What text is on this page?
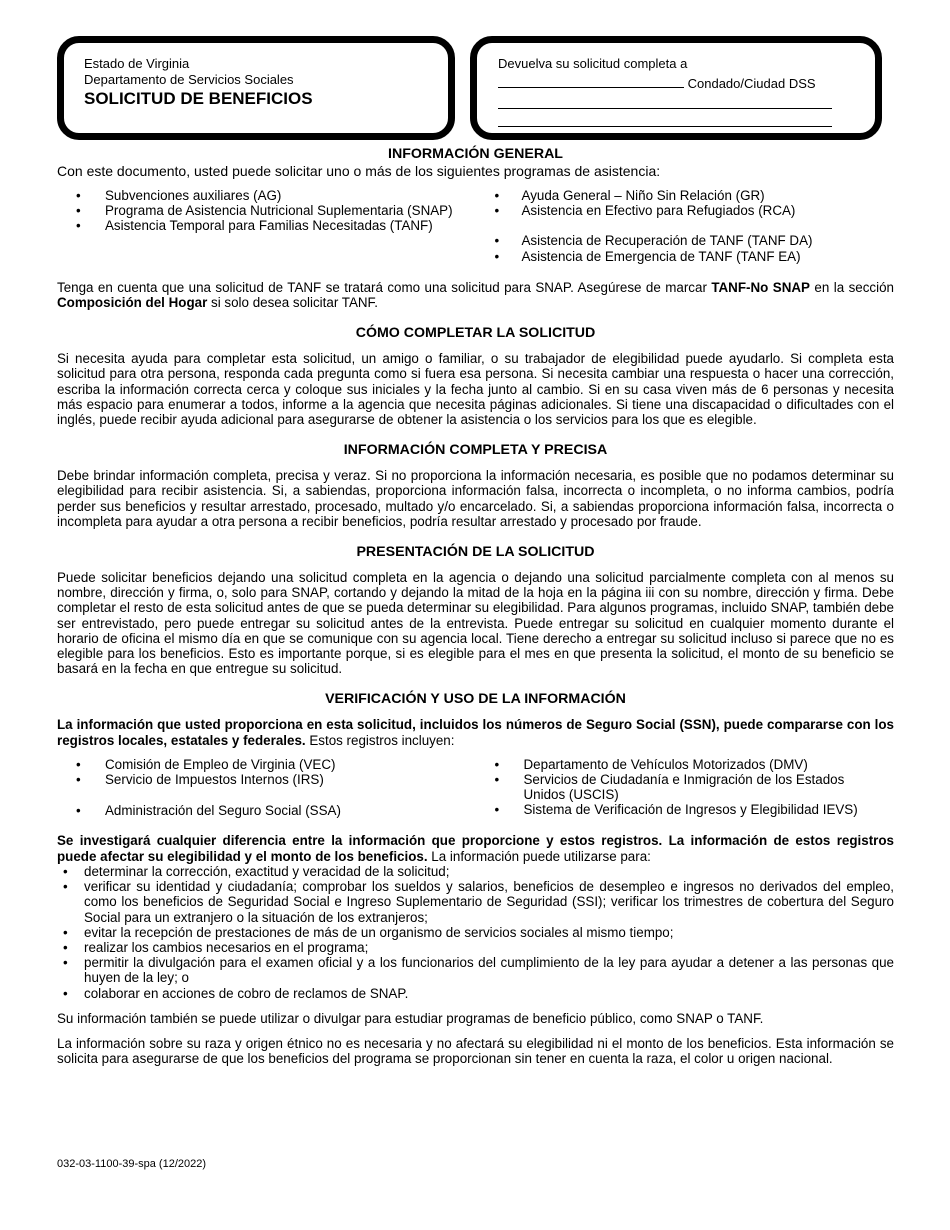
Estado de Virginia
Departamento de Servicios Sociales
SOLICITUD DE BENEFICIOS
Devuelva su solicitud completa a
Condado/Ciudad DSS
INFORMACIÓN GENERAL

Con este documento, usted puede solicitar uno o más de los siguientes programas de asistencia:

• Subvenciones auxiliares (AG)
• Programa de Asistencia Nutricional Suplementaria (SNAP)
• Asistencia Temporal para Familias Necesitadas (TANF)
• Ayuda General – Niño Sin Relación (GR)
• Asistencia en Efectivo para Refugiados (RCA)
• Asistencia de Recuperación de TANF (TANF DA)
• Asistencia de Emergencia de TANF (TANF EA)

Tenga en cuenta que una solicitud de TANF se tratará como una solicitud para SNAP. Asegúrese de marcar TANF-No SNAP en la sección Composición del Hogar si solo desea solicitar TANF.

CÓMO COMPLETAR LA SOLICITUD

Si necesita ayuda para completar esta solicitud, un amigo o familiar, o su trabajador de elegibilidad puede ayudarlo. Si completa esta solicitud para otra persona, responda cada pregunta como si fuera esa persona. Si necesita cambiar una respuesta o hacer una corrección, escriba la información correcta cerca y coloque sus iniciales y la fecha junto al cambio. Si en su casa viven más de 6 personas y necesita más espacio para enumerar a todos, informe a la agencia que necesita páginas adicionales. Si tiene una discapacidad o dificultades con el inglés, puede recibir ayuda adicional para asegurarse de obtener la asistencia o los servicios para los que es elegible.

INFORMACIÓN COMPLETA Y PRECISA

Debe brindar información completa, precisa y veraz. Si no proporciona la información necesaria, es posible que no podamos determinar su elegibilidad para recibir asistencia. Si, a sabiendas, proporciona información falsa, incorrecta o incompleta, o no informa cambios, podría perder sus beneficios y resultar arrestado, procesado, multado y/o encarcelado. Si, a sabiendas proporciona información falsa, incorrecta o incompleta para ayudar a otra persona a recibir beneficios, podría resultar arrestado y procesado por fraude.

PRESENTACIÓN DE LA SOLICITUD

Puede solicitar beneficios dejando una solicitud completa en la agencia o dejando una solicitud parcialmente completa con al menos su nombre, dirección y firma, o, solo para SNAP, cortando y dejando la mitad de la hoja en la página iii con su nombre, dirección y firma. Debe completar el resto de esta solicitud antes de que se pueda determinar su elegibilidad. Para algunos programas, incluido SNAP, también debe ser entrevistado, pero puede entregar su solicitud antes de la entrevista. Puede entregar su solicitud en cualquier momento durante el horario de oficina el mismo día en que se comunique con su agencia local. Tiene derecho a entregar su solicitud incluso si parece que no es elegible para los beneficios. Esto es importante porque, si es elegible para el mes en que presenta la solicitud, el monto de su beneficio se basará en la fecha en que entregue su solicitud.

VERIFICACIÓN Y USO DE LA INFORMACIÓN

La información que usted proporciona en esta solicitud, incluidos los números de Seguro Social (SSN), puede compararse con los registros locales, estatales y federales. Estos registros incluyen:

• Comisión de Empleo de Virginia (VEC)
• Servicio de Impuestos Internos (IRS)
• Administración del Seguro Social (SSA)
• Departamento de Vehículos Motorizados (DMV)
• Servicios de Ciudadanía e Inmigración de los Estados Unidos (USCIS)
• Sistema de Verificación de Ingresos y Elegibilidad IEVS)

Se investigará cualquier diferencia entre la información que proporcione y estos registros. La información de estos registros puede afectar su elegibilidad y el monto de los beneficios. La información puede utilizarse para:

• determinar la corrección, exactitud y veracidad de la solicitud;
• verificar su identidad y ciudadanía; comprobar los sueldos y salarios, beneficios de desempleo e ingresos no derivados del empleo, como los beneficios de Seguridad Social e Ingreso Suplementario de Seguridad (SSI); verificar los trimestres de cobertura del Seguro Social para un extranjero o la situación de los extranjeros;
• evitar la recepción de prestaciones de más de un organismo de servicios sociales al mismo tiempo;
• realizar los cambios necesarios en el programa;
• permitir la divulgación para el examen oficial y a los funcionarios del cumplimiento de la ley para ayudar a detener a las personas que huyen de la ley; o
• colaborar en acciones de cobro de reclamos de SNAP.

Su información también se puede utilizar o divulgar para estudiar programas de beneficio público, como SNAP o TANF.

La información sobre su raza y origen étnico no es necesaria y no afectará su elegibilidad ni el monto de los beneficios. Esta información se solicita para asegurarse de que los beneficios del programa se proporcionan sin tener en cuenta la raza, el color u origen nacional.

032-03-1100-39-spa (12/2022)
